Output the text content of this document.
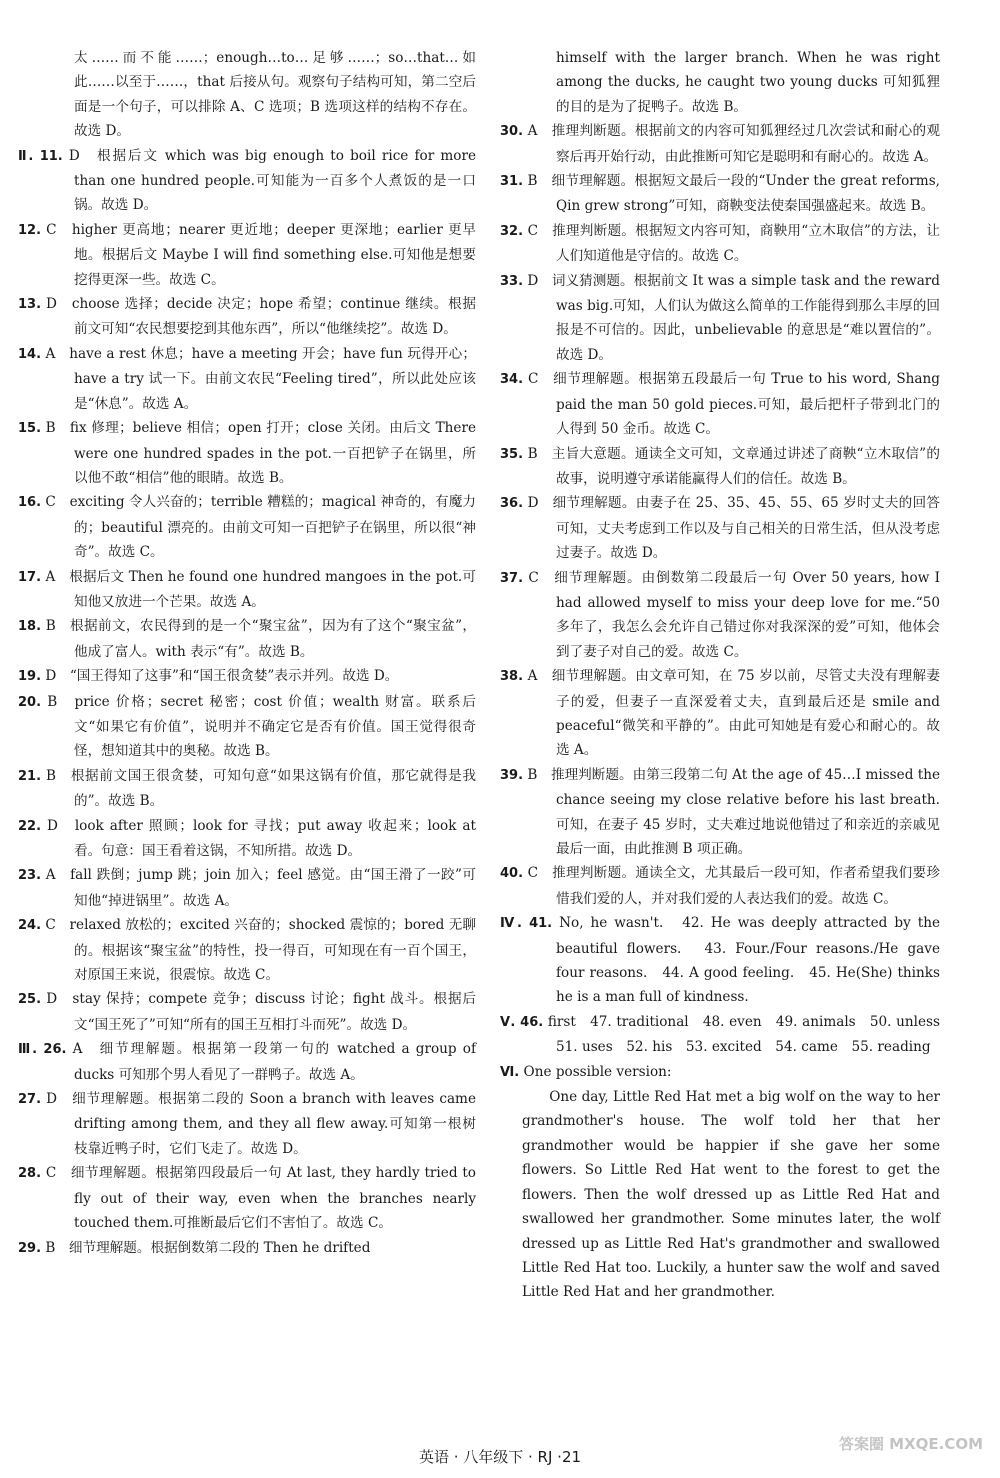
太……而不能……；enough…to…足够……；so…that…如此……以至于……，that 后接从句。观察句子结构可知，第二空后面是一个句子，可以排除 A、C 选项；B 选项这样的结构不存在。故选 D。

Ⅱ. 11. D　根据后文 which was big enough to boil rice for more than one hundred people.可知能为一百多个人煮饭的是一口锅。故选 D。

12. C　higher 更高地；nearer 更近地；deeper 更深地；earlier 更早地。根据后文 Maybe I will find something else.可知他是想要挖得更深一些。故选 C。

13. D　choose 选择；decide 决定；hope 希望；continue 继续。根据前文可知“农民想要挖到其他东西”，所以“他继续挖”。故选 D。

14. A　have a rest 休息；have a meeting 开会；have fun 玩得开心；have a try 试一下。由前文农民“Feeling tired”，所以此处应该是“休息”。故选 A。

15. B　fix 修理；believe 相信；open 打开；close 关闭。由后文 There were one hundred spades in the pot.一百把铲子在锅里，所以他不敢“相信”他的眼睛。故选 B。

16. C　exciting 令人兴奋的；terrible 糟糕的；magical 神奇的，有魔力的；beautiful 漂亮的。由前文可知一百把铲子在锅里，所以很“神奇”。故选 C。

17. A　根据后文 Then he found one hundred mangoes in the pot.可知他又放进一个芒果。故选 A。

18. B　根据前文，农民得到的是一个“聚宝盆”，因为有了这个“聚宝盆”，他成了富人。with 表示“有”。故选 B。

19. D　“国王得知了这事”和“国王很贪婪”表示并列。故选 D。

20. B　price 价格；secret 秘密；cost 价值；wealth 财富。联系后文“如果它有价值”，说明并不确定它是否有价值。国王觉得很奇怪，想知道其中的奥秘。故选 B。

21. B　根据前文国王很贪婪，可知句意“如果这锅有价值，那它就得是我的”。故选 B。

22. D　look after 照顾；look for 寻找；put away 收起来；look at 看。句意：国王看着这锅，不知所措。故选 D。

23. A　fall 跌倒；jump 跳；join 加入；feel 感觉。由“国王滑了一跤”可知他“掉进锅里”。故选 A。

24. C　relaxed 放松的；excited 兴奋的；shocked 震惊的；bored 无聊的。根据该“聚宝盆”的特性，投一得百，可知现在有一百个国王，对原国王来说，很震惊。故选 C。

25. D　stay 保持；compete 竞争；discuss 讨论；fight 战斗。根据后文“国王死了”可知“所有的国王互相打斗而死”。故选 D。

Ⅲ. 26. A　细节理解题。根据第一段第一句的 watched a group of ducks 可知那个男人看见了一群鸭子。故选 A。

27. D　细节理解题。根据第二段的 Soon a branch with leaves came drifting among them, and they all flew away.可知第一根树枝靠近鸭子时，它们飞走了。故选 D。

28. C　细节理解题。根据第四段最后一句 At last, they hardly tried to fly out of their way, even when the branches nearly touched them.可推断最后它们不害怕了。故选 C。

29. B　细节理解题。根据倒数第二段的 Then he drifted

himself with the larger branch. When he was right among the ducks, he caught two young ducks 可知狐狸的目的是为了捉鸭子。故选 B。

30. A　推理判断题。根据前文的内容可知狐狸经过几次尝试和耐心的观察后再开始行动，由此推断可知它是聪明和有耐心的。故选 A。

31. B　细节理解题。根据短文最后一段的“Under the great reforms, Qin grew strong”可知，商鞅变法使秦国强盛起来。故选 B。

32. C　推理判断题。根据短文内容可知，商鞅用“立木取信”的方法，让人们知道他是守信的。故选 C。

33. D　词义猜测题。根据前文 It was a simple task and the reward was big.可知，人们认为做这么简单的工作能得到那么丰厚的回报是不可信的。因此，unbelievable 的意思是“难以置信的”。故选 D。

34. C　细节理解题。根据第五段最后一句 True to his word, Shang paid the man 50 gold pieces.可知，最后把杆子带到北门的人得到 50 金币。故选 C。

35. B　主旨大意题。通读全文可知，文章通过讲述了商鞅“立木取信”的故事，说明遵守承诺能赢得人们的信任。故选 B。

36. D　细节理解题。由妻子在 25、35、45、55、65 岁时丈夫的回答可知，丈夫考虑到工作以及与自己相关的日常生活，但从没考虑过妻子。故选 D。

37. C　细节理解题。由倒数第二段最后一句 Over 50 years, how I had allowed myself to miss your deep love for me.“50 多年了，我怎么会允许自己错过你对我深深的爱”可知，他体会到了妻子对自己的爱。故选 C。

38. A　细节理解题。由文章可知，在 75 岁以前，尽管丈夫没有理解妻子的爱，但妻子一直深爱着丈夫，直到最后还是 smile and peaceful“微笑和平静的”。由此可知她是有爱心和耐心的。故选 A。

39. B　推理判断题。由第三段第二句 At the age of 45…I missed the chance seeing my close relative before his last breath.可知，在妻子 45 岁时，丈夫难过地说他错过了和亲近的亲戚见最后一面，由此推测 B 项正确。

40. C　推理判断题。通读全文，尤其最后一段可知，作者希望我们要珍惜我们爱的人，并对我们爱的人表达我们的爱。故选 C。

Ⅳ. 41. No, he wasn't.　42. He was deeply attracted by the beautiful flowers.　43. Four./Four reasons./He gave four reasons.　44. A good feeling.　45. He(She) thinks he is a man full of kindness.

Ⅴ. 46. first　47. traditional　48. even　49. animals　50. unless　51. uses　52. his　53. excited　54. came　55. reading

Ⅵ. One possible version:

One day, Little Red Hat met a big wolf on the way to her grandmother's house. The wolf told her that her grandmother would be happier if she gave her some flowers. So Little Red Hat went to the forest to get the flowers. Then the wolf dressed up as Little Red Hat and swallowed her grandmother. Some minutes later, the wolf dressed up as Little Red Hat's grandmother and swallowed Little Red Hat too. Luckily, a hunter saw the wolf and saved Little Red Hat and her grandmother.

英语 · 八年级下 · RJ ·21
答案圈 MXQE.COM
